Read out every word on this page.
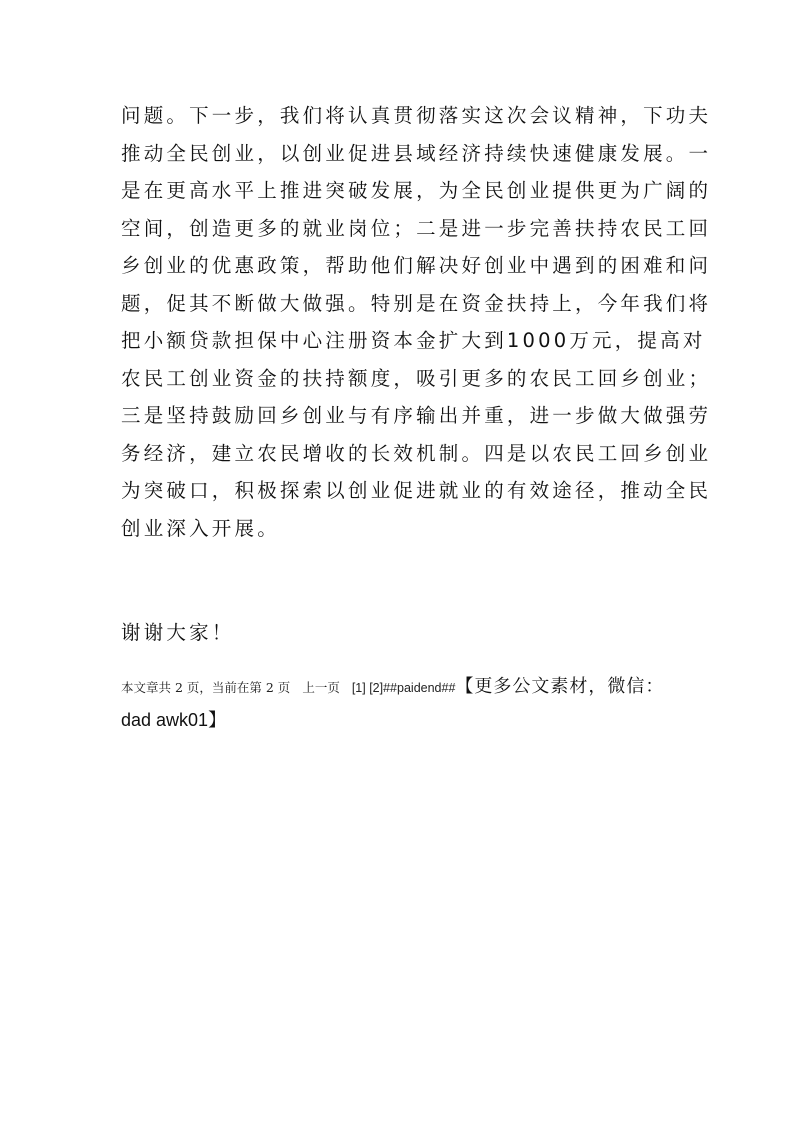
问题。下一步，我们将认真贯彻落实这次会议精神，下功夫
推动全民创业，以创业促进县域经济持续快速健康发展。一
是在更高水平上推进突破发展，为全民创业提供更为广阔的
空间，创造更多的就业岗位；二是进一步完善扶持农民工回
乡创业的优惠政策，帮助他们解决好创业中遇到的困难和问
题，促其不断做大做强。特别是在资金扶持上，今年我们将
把小额贷款担保中心注册资本金扩大到1000万元，提高对
农民工创业资金的扶持额度，吸引更多的农民工回乡创业；
三是坚持鼓励回乡创业与有序输出并重，进一步做大做强劳
务经济，建立农民增收的长效机制。四是以农民工回乡创业
为突破口，积极探索以创业促进就业的有效途径，推动全民
创业深入开展。

谢谢大家！

本文章共 2 页，当前在第 2 页 上一页 [1] [2]##paidend##【更多公文素材，微信：
dad awk01】
